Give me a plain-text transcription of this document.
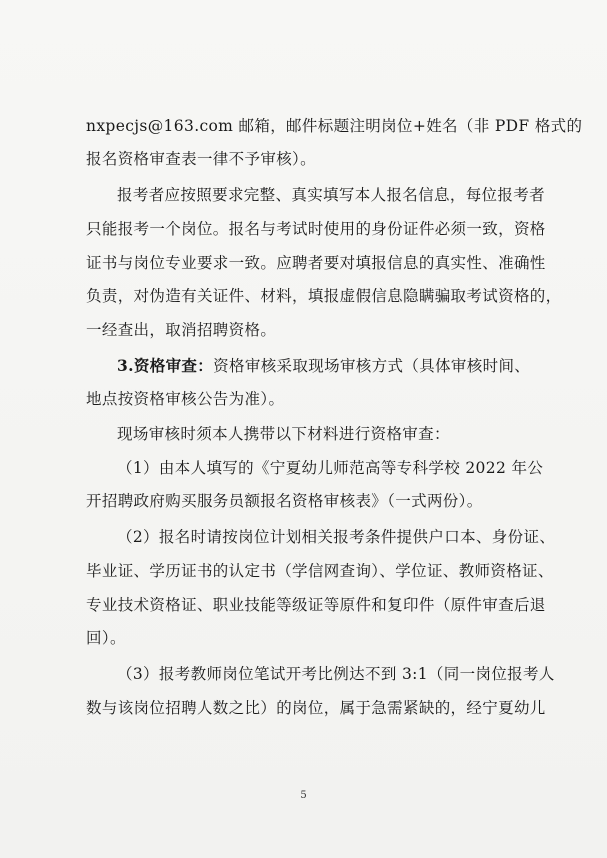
nxpecjs@163.com 邮箱，邮件标题注明岗位+姓名（非 PDF 格式的
报名资格审查表一律不予审核）。
报考者应按照要求完整、真实填写本人报名信息，每位报考者
只能报考一个岗位。报名与考试时使用的身份证件必须一致，资格
证书与岗位专业要求一致。应聘者要对填报信息的真实性、准确性
负责，对伪造有关证件、材料，填报虚假信息隐瞒骗取考试资格的，
一经查出，取消招聘资格。
3.资格审查：资格审核采取现场审核方式（具体审核时间、
地点按资格审核公告为准）。
现场审核时须本人携带以下材料进行资格审查：
（1）由本人填写的《宁夏幼儿师范高等专科学校 2022 年公
开招聘政府购买服务员额报名资格审核表》（一式两份）。
（2）报名时请按岗位计划相关报考条件提供户口本、身份证、
毕业证、学历证书的认定书（学信网查询）、学位证、教师资格证、
专业技术资格证、职业技能等级证等原件和复印件（原件审查后退
回）。
（3）报考教师岗位笔试开考比例达不到 3:1（同一岗位报考人
数与该岗位招聘人数之比）的岗位，属于急需紧缺的，经宁夏幼儿
5
